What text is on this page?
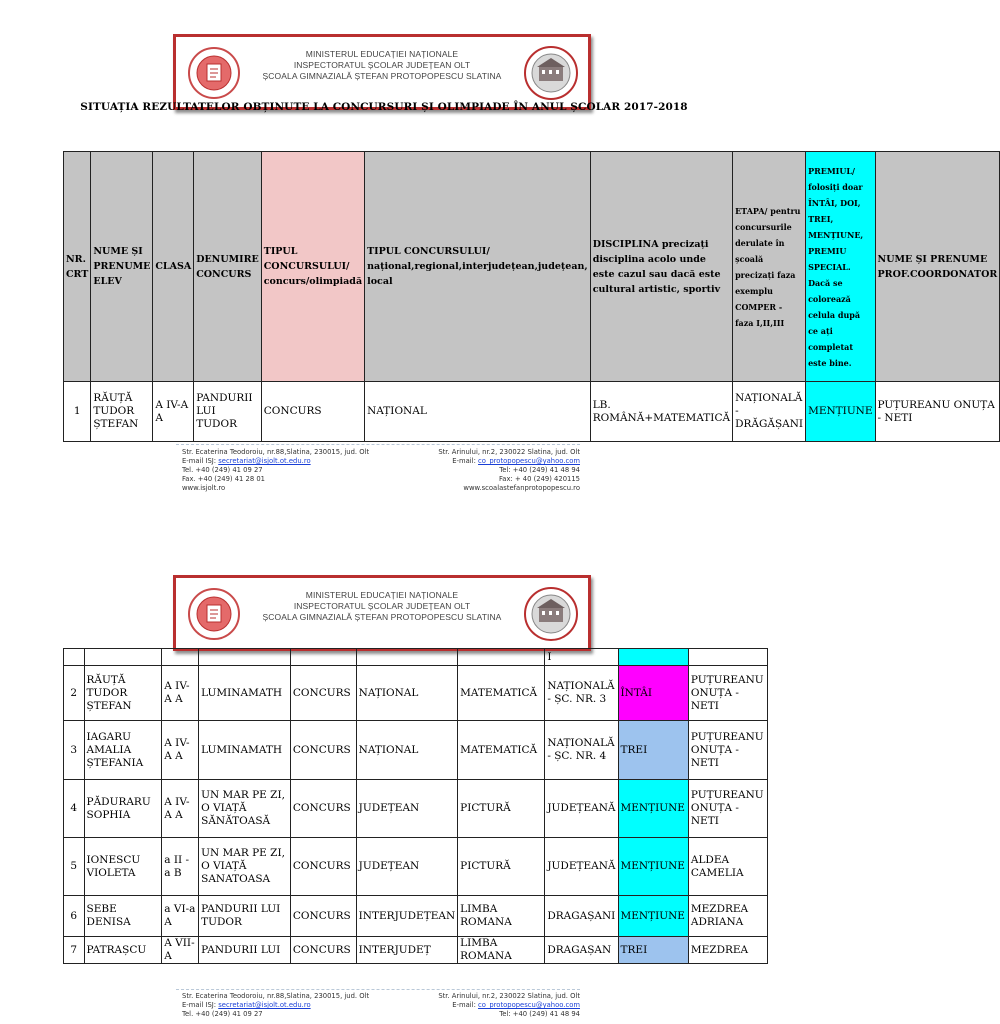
MINISTERUL EDUCAȚIEI NAȚIONALE
INSPECTORATUL ȘCOLAR JUDEȚEAN OLT
ȘCOALA GIMNAZIALĂ ȘTEFAN PROTOPOPESCU SLATINA
SITUAȚIA REZULTATELOR OBȚINUTE LA CONCURSURI ȘI OLIMPIADE ÎN ANUL ȘCOLAR 2017-2018
NR. CRT	NUME ȘI PRENUME ELEV	CLASA	DENUMIRE CONCURS	TIPUL CONCURSULUI/ concurs/olimpiadă	TIPUL CONCURSULUI/ național,regional,interjudețean,județean, local	DISCIPLINA precizați disciplina acolo unde este cazul sau dacă este cultural artistic, sportiv	ETAPA/ pentru concursurile derulate în școală precizați faza exemplu COMPER - faza I,II,III	PREMIUL/ folosiți doar ÎNTÂI, DOI, TREI, MENȚIUNE, PREMIU SPECIAL. Dacă se colorează celula după ce ați completat este bine.	NUME ȘI PRENUME PROF.COORDONATOR
1	RĂUȚĂ TUDOR ȘTEFAN	A IV-A A	PANDURII LUI TUDOR	CONCURS	NAȚIONAL	LB. ROMÂNĂ+MATEMATICĂ	NAȚIONALĂ - DRĂGĂȘANI	MENȚIUNE	PUȚUREANU ONUȚA - NETI
Str. Ecaterina Teodoroiu, nr.88,Slatina, 230015, jud. Olt
E-mail ISJ: secretariat@isjolt.ot.edu.ro
Tel. +40 (249) 41 09 27
Fax. +40 (249) 41 28 01
www.isjolt.ro
Str. Arinului, nr.2, 230022 Slatina, jud. Olt
E-mail: co_protopopescu@yahoo.com
Tel: +40 (249) 41 48 94
Fax: + 40 (249) 420115
www.scoalastefanprotopopescu.ro
MINISTERUL EDUCAȚIEI NAȚIONALE
INSPECTORATUL ȘCOLAR JUDEȚEAN OLT
ȘCOALA GIMNAZIALĂ ȘTEFAN PROTOPOPESCU SLATINA
							I		
2	RĂUȚĂ TUDOR ȘTEFAN	A IV-A A	LUMINAMATH	CONCURS	NAȚIONAL	MATEMATICĂ	NAȚIONALĂ - ȘC. NR. 3	ÎNTÂI	PUȚUREANU ONUȚA - NETI
3	IAGARU AMALIA ȘTEFANIA	A IV-A A	LUMINAMATH	CONCURS	NAȚIONAL	MATEMATICĂ	NAȚIONALĂ - ȘC. NR. 4	TREI	PUȚUREANU ONUȚA - NETI
4	PĂDURARU SOPHIA	A IV-A A	UN MAR PE ZI, O VIAȚĂ SĂNĂTOASĂ	CONCURS	JUDEȚEAN	PICTURĂ	JUDEȚEANĂ	MENȚIUNE	PUȚUREANU ONUȚA - NETI
5	IONESCU VIOLETA	a II - a B	UN MAR PE ZI, O VIAȚĂ SANATOASA	CONCURS	JUDEȚEAN	PICTURĂ	JUDEȚEANĂ	MENȚIUNE	ALDEA CAMELIA
6	SEBE DENISA	a VI-a A	PANDURII LUI TUDOR	CONCURS	INTERJUDEȚEAN	LIMBA ROMANA	DRAGAȘANI	MENȚIUNE	MEZDREA ADRIANA
7	PATRAȘCU	A VII-A	PANDURII LUI	CONCURS	INTERJUDEȚ	LIMBA ROMANA	DRAGAȘAN	TREI	MEZDREA
Str. Ecaterina Teodoroiu, nr.88,Slatina, 230015, jud. Olt
E-mail ISJ: secretariat@isjolt.ot.edu.ro
Tel. +40 (249) 41 09 27
Str. Arinului, nr.2, 230022 Slatina, jud. Olt
E-mail: co_protopopescu@yahoo.com
Tel: +40 (249) 41 48 94
